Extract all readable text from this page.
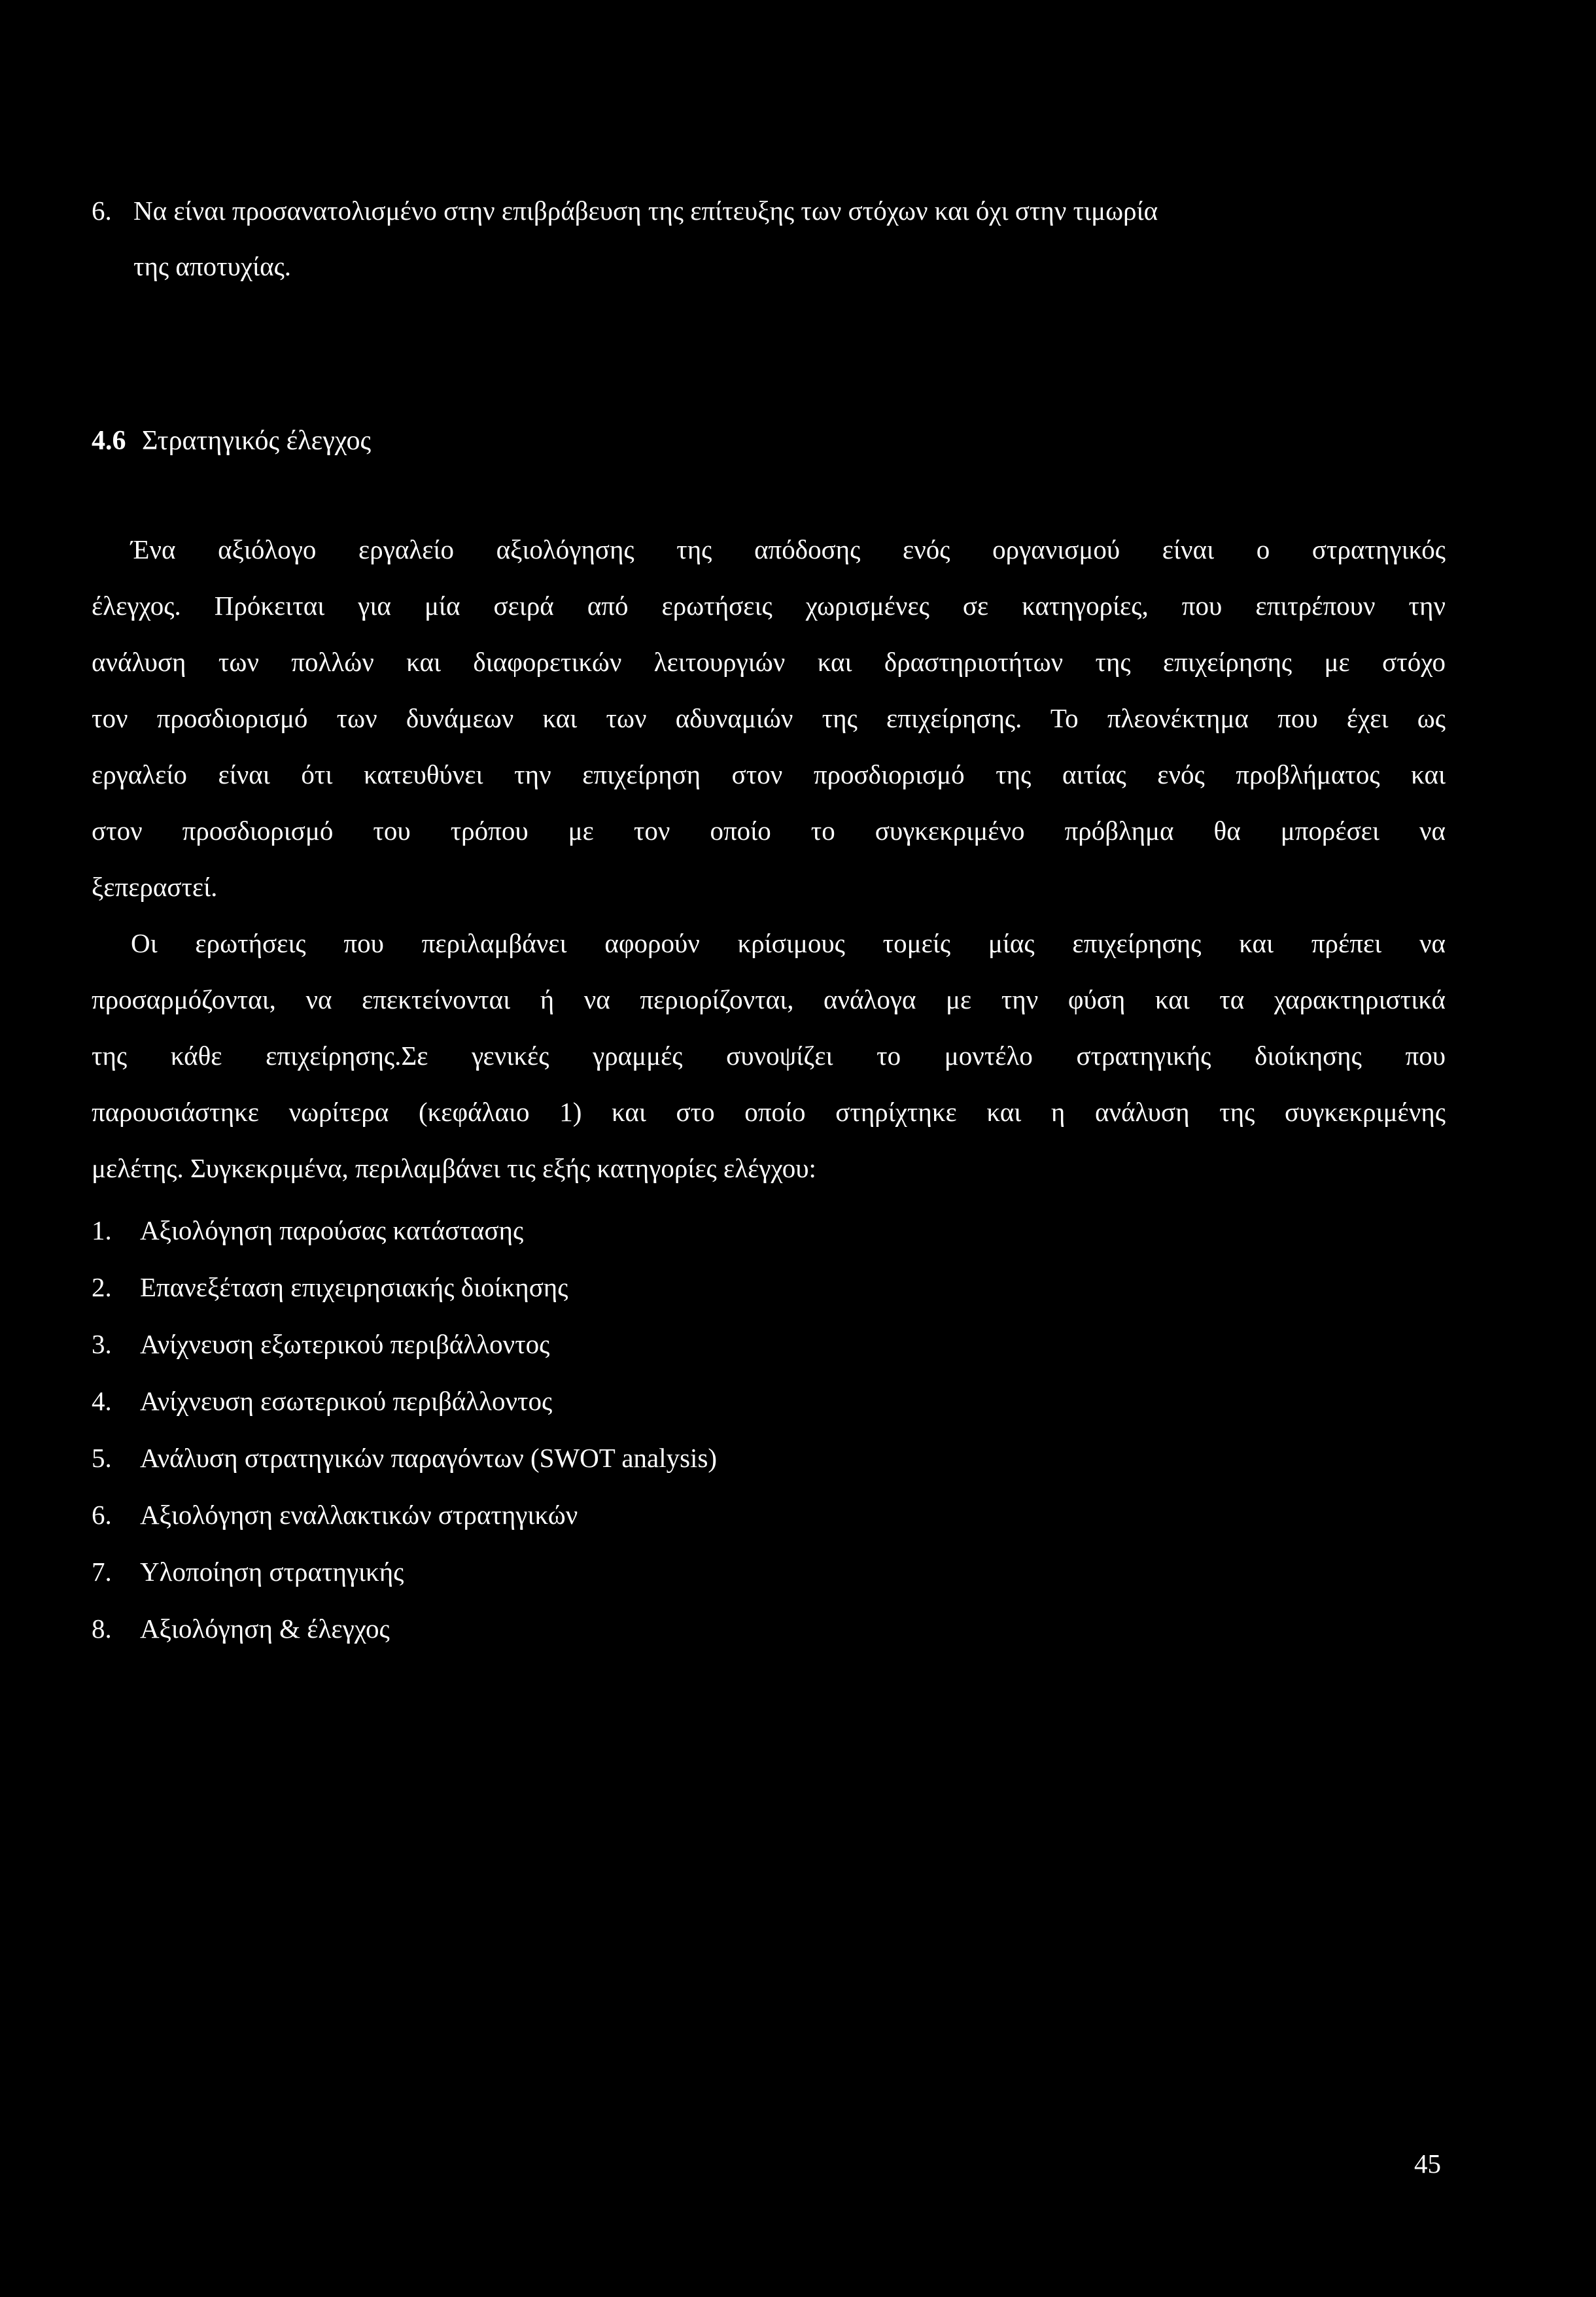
6. Να είναι προσανατολισμένο στην επιβράβευση της επίτευξης των στόχων και όχι στην τιμωρία

της αποτυχίας.

4.6 Στρατηγικός έλεγχος

Ένα αξιόλογο εργαλείο αξιολόγησης της απόδοσης ενός οργανισμού είναι ο στρατηγικός

έλεγχος. Πρόκειται για μία σειρά από ερωτήσεις χωρισμένες σε κατηγορίες, που επιτρέπουν την

ανάλυση των πολλών και διαφορετικών λειτουργιών και δραστηριοτήτων της επιχείρησης με στόχο

τον προσδιορισμό των δυνάμεων και των αδυναμιών της επιχείρησης. Το πλεονέκτημα που έχει ως

εργαλείο είναι ότι κατευθύνει την επιχείρηση στον προσδιορισμό της αιτίας ενός προβλήματος και

στον προσδιορισμό του τρόπου με τον οποίο το συγκεκριμένο πρόβλημα θα μπορέσει να

ξεπεραστεί.

Οι ερωτήσεις που περιλαμβάνει αφορούν κρίσιμους τομείς μίας επιχείρησης και πρέπει να

προσαρμόζονται, να επεκτείνονται ή να περιορίζονται, ανάλογα με την φύση και τα χαρακτηριστικά

της κάθε επιχείρησης.Σε γενικές γραμμές συνοψίζει το μοντέλο στρατηγικής διοίκησης που

παρουσιάστηκε νωρίτερα (κεφάλαιο 1) και στο οποίο στηρίχτηκε και η ανάλυση της συγκεκριμένης

μελέτης. Συγκεκριμένα, περιλαμβάνει τις εξής κατηγορίες ελέγχου:

1. Αξιολόγηση παρούσας κατάστασης
2. Επανεξέταση επιχειρησιακής διοίκησης
3. Ανίχνευση εξωτερικού περιβάλλοντος
4. Ανίχνευση εσωτερικού περιβάλλοντος
5. Ανάλυση στρατηγικών παραγόντων (SWOT analysis)
6. Αξιολόγηση εναλλακτικών στρατηγικών
7. Υλοποίηση στρατηγικής
8. Αξιολόγηση & έλεγχος
45
